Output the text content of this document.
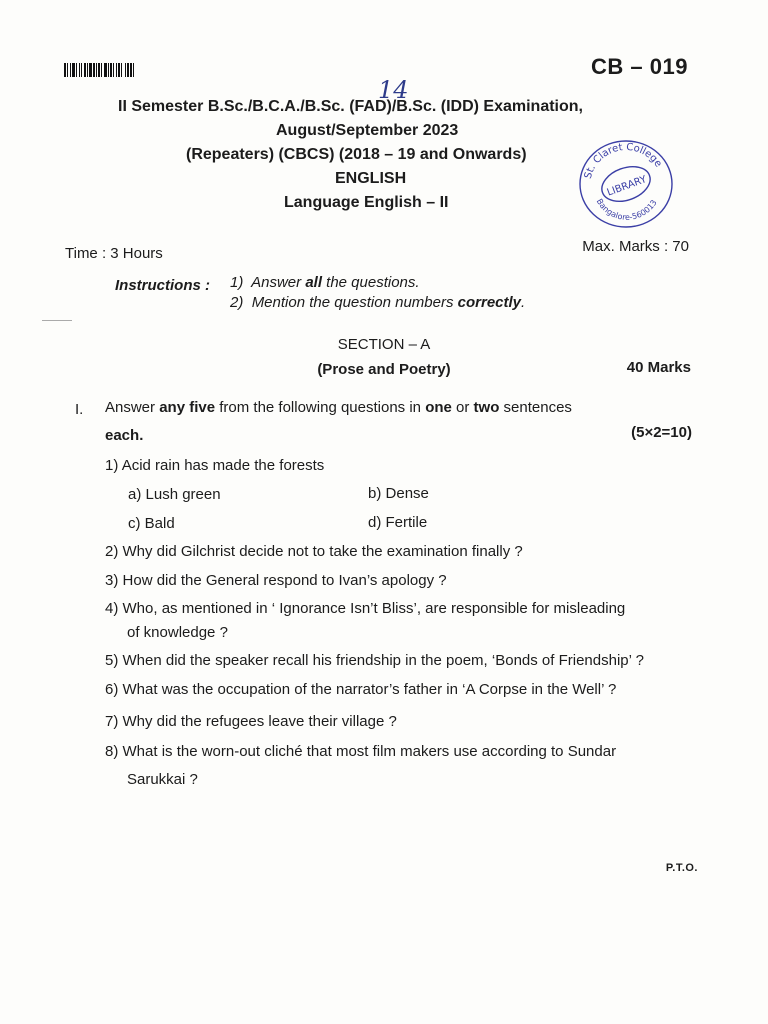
CB – 019
14
II Semester B.Sc./B.C.A./B.Sc. (FAD)/B.Sc. (IDD) Examination,
August/September 2023
(Repeaters) (CBCS) (2018 – 19 and Onwards)
ENGLISH
Language English – II
St. Claret College
Bangalore-560013
LIBRARY
Time : 3 Hours	Max. Marks : 70
Instructions : 1) Answer all the questions.
2) Mention the question numbers correctly.
SECTION – A
(Prose and Poetry)	40 Marks
I. Answer any five from the following questions in one or two sentences
each.	(5×2=10)
1) Acid rain has made the forests
a) Lush green	b) Dense
c) Bald	d) Fertile
2) Why did Gilchrist decide not to take the examination finally ?
3) How did the General respond to Ivan’s apology ?
4) Who, as mentioned in ‘ Ignorance Isn’t Bliss’, are responsible for misleading
of knowledge ?
5) When did the speaker recall his friendship in the poem, ‘Bonds of Friendship’ ?
6) What was the occupation of the narrator’s father in ‘A Corpse in the Well’ ?
7) Why did the refugees leave their village ?
8) What is the worn-out cliché that most film makers use according to Sundar
Sarukkai ?
P.T.O.
